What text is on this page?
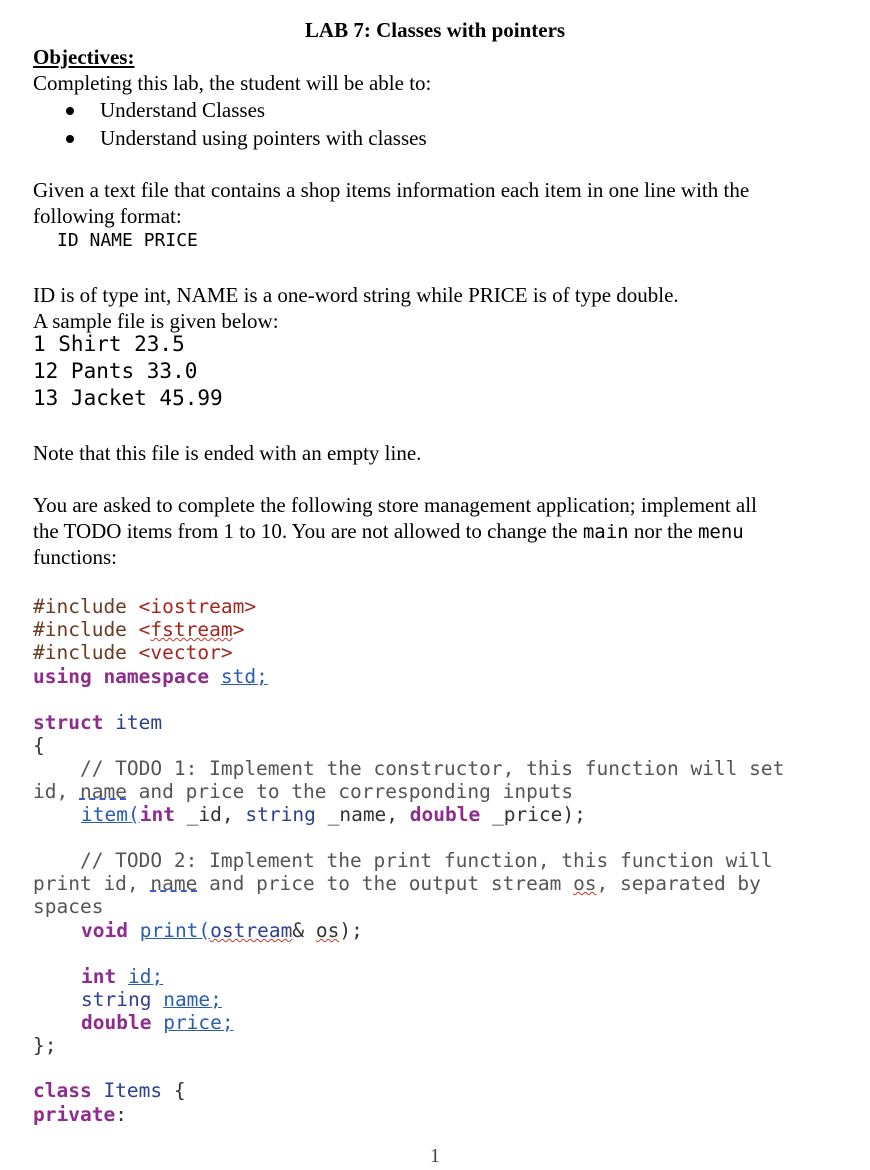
LAB 7: Classes with pointers
Objectives:
Completing this lab, the student will be able to:
Understand Classes
Understand using pointers with classes
Given a text file that contains a shop items information each item in one line with the
following format:
ID NAME PRICE
ID is of type int, NAME is a one-word string while PRICE is of type double.
A sample file is given below:
1 Shirt 23.5
12 Pants 33.0
13 Jacket 45.99
Note that this file is ended with an empty line.
You are asked to complete the following store management application; implement all
the TODO items from 1 to 10. You are not allowed to change the main nor the menu
functions:
#include <iostream>
#include <fstream>
#include <vector>
using namespace std;
struct item
{
// TODO 1: Implement the constructor, this function will set
id, name and price to the corresponding inputs
item(int _id, string _name, double _price);
// TODO 2: Implement the print function, this function will
print id, name and price to the output stream os, separated by
spaces
void print(ostream& os);
int id;
string name;
double price;
};
class Items {
private:
1
